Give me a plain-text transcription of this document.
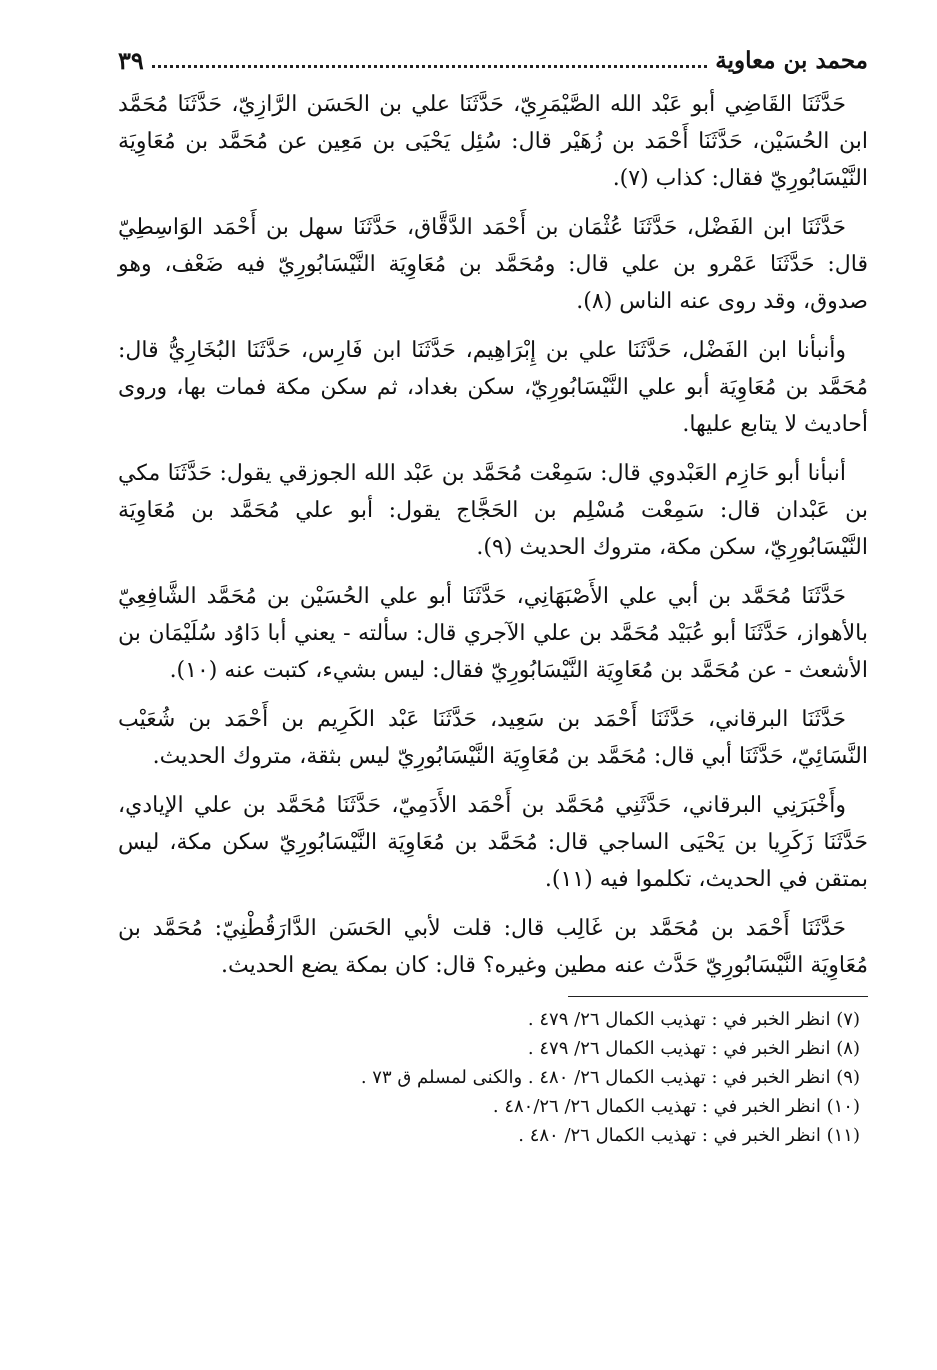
محمد بن معاوية
٣٩

حَدَّثَنَا القَاضِي أبو عَبْد الله الصَّيْمَرِيّ، حَدَّثَنَا علي بن الحَسَن الرَّازِيّ، حَدَّثَنَا مُحَمَّد ابن الحُسَيْن، حَدَّثَنَا أَحْمَد بن زُهَيْر قال: سُئِل يَحْيَى بن مَعِين عن مُحَمَّد بن مُعَاوِيَة النَّيْسَابُورِيّ فقال: كذاب (٧).

حَدَّثَنَا ابن الفَضْل، حَدَّثَنَا عُثْمَان بن أَحْمَد الدَّقَّاق، حَدَّثَنَا سهل بن أَحْمَد الوَاسِطِيّ قال: حَدَّثَنَا عَمْرو بن علي قال: ومُحَمَّد بن مُعَاوِيَة النَّيْسَابُورِيّ فيه ضَعْف، وهو صدوق، وقد روى عنه الناس (٨).

وأنبأنا ابن الفَضْل، حَدَّثَنَا علي بن إِبْرَاهِيم، حَدَّثَنَا ابن فَارِس، حَدَّثَنَا البُخَارِيُّ قال: مُحَمَّد بن مُعَاوِيَة أبو علي النَّيْسَابُورِيّ، سكن بغداد، ثم سكن مكة فمات بها، وروى أحاديث لا يتابع عليها.

أنبأنا أبو حَازِم العَبْدوي قال: سَمِعْت مُحَمَّد بن عَبْد الله الجوزقي يقول: حَدَّثَنَا مكي بن عَبْدان قال: سَمِعْت مُسْلِم بن الحَجَّاج يقول: أبو علي مُحَمَّد بن مُعَاوِيَة النَّيْسَابُورِيّ، سكن مكة، متروك الحديث (٩).

حَدَّثَنَا مُحَمَّد بن أبي علي الأَصْبَهَانِي، حَدَّثَنَا أبو علي الحُسَيْن بن مُحَمَّد الشَّافِعِيّ بالأهواز، حَدَّثَنَا أبو عُبَيْد مُحَمَّد بن علي الآجري قال: سألته - يعني أبا دَاوُد سُلَيْمَان بن الأشعث - عن مُحَمَّد بن مُعَاوِيَة النَّيْسَابُورِيّ فقال: ليس بشيء، كتبت عنه (١٠).

حَدَّثَنَا البرقاني، حَدَّثَنَا أَحْمَد بن سَعِيد، حَدَّثَنَا عَبْد الكَرِيم بن أَحْمَد بن شُعَيْب النَّسَائِيّ، حَدَّثَنَا أبي قال: مُحَمَّد بن مُعَاوِيَة النَّيْسَابُورِيّ ليس بثقة، متروك الحديث.

وأَخْبَرَنِي البرقاني، حَدَّثَنِي مُحَمَّد بن أَحْمَد الأَدَمِيّ، حَدَّثَنَا مُحَمَّد بن علي الإيادي، حَدَّثَنَا زَكَرِيا بن يَحْيَى الساجي قال: مُحَمَّد بن مُعَاوِيَة النَّيْسَابُورِيّ سكن مكة، ليس بمتقن في الحديث، تكلموا فيه (١١).

حَدَّثَنَا أَحْمَد بن مُحَمَّد بن غَالِب قال: قلت لأبي الحَسَن الدَّارَقُطْنِيّ: مُحَمَّد بن مُعَاوِيَة النَّيْسَابُورِيّ حَدَّث عنه مطين وغيره؟ قال: كان بمكة يضع الحديث.

(٧) انظر الخبر في : تهذيب الكمال ٢٦/ ٤٧٩ .
(٨) انظر الخبر في : تهذيب الكمال ٢٦/ ٤٧٩ .
(٩) انظر الخبر في : تهذيب الكمال ٢٦/ ٤٨٠ . والكنى لمسلم ق ٧٣ .
(١٠) انظر الخبر في : تهذيب الكمال ٢٦/ ٤٨٠/٢٦ .
(١١) انظر الخبر في : تهذيب الكمال ٢٦/ ٤٨٠ .
